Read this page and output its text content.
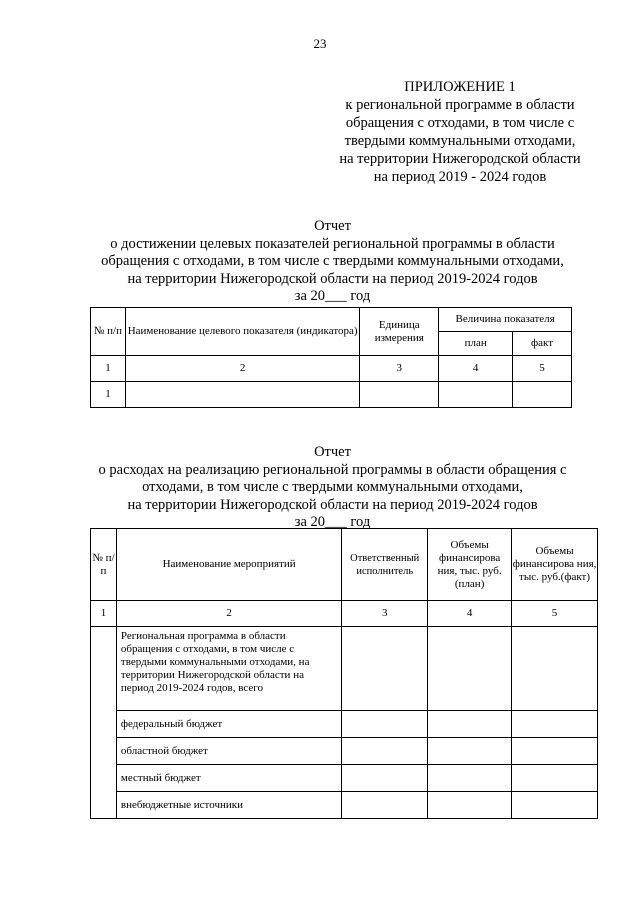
23
ПРИЛОЖЕНИЕ 1
к региональной программе в области
обращения с отходами, в том числе с
твердыми коммунальными отходами,
на территории Нижегородской области
на период 2019 - 2024 годов
Отчет
о достижении целевых показателей региональной программы в области
обращения с отходами, в том числе с твердыми коммунальными отходами,
на территории Нижегородской области на период 2019-2024 годов
за 20___ год
№ п/п	Наименование целевого показателя (индикатора)	Единица измерения	Величина показателя	
			план	факт
1	2	3	4	5
1				
Отчет
о расходах на реализацию региональной программы в области обращения с
отходами, в том числе с твердыми коммунальными отходами,
на территории Нижегородской области на период 2019-2024 годов
за 20___ год
№ п/п	Наименование мероприятий	Ответственный исполнитель	Объемы финансирова ния, тыс. руб.(план)	Объемы финансирова ния, тыс. руб.(факт)
1	2	3	4	5
	Региональная программа в области обращения с отходами, в том числе с твердыми коммунальными отходами, на территории Нижегородской области на период 2019-2024 годов, всего			
	федеральный бюджет			
	областной бюджет			
	местный бюджет			
	внебюджетные источники			
